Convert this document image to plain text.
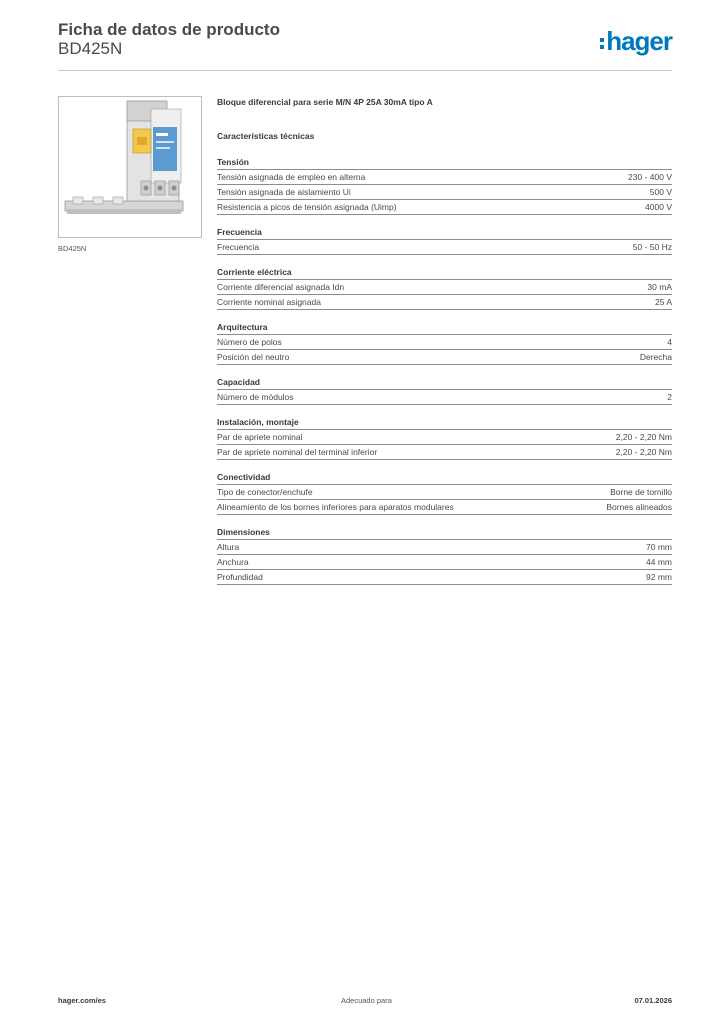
Ficha de datos de producto
BD425N	hager
BD425N
Bloque diferencial para serie M/N 4P 25A 30mA tipo A
Características técnicas
Tensión
Tensión asignada de empleo en alterna	230 - 400 V
Tensión asignada de aislamiento Ui	500 V
Resistencia a picos de tensión asignada (Uimp)	4000 V
Frecuencia
Frecuencia	50 - 50 Hz
Corriente eléctrica
Corriente diferencial asignada Idn	30 mA
Corriente nominal asignada	25 A
Arquitectura
Número de polos	4
Posición del neutro	Derecha
Capacidad
Número de módulos	2
Instalación, montaje
Par de apriete nominal	2,20 - 2,20 Nm
Par de apriete nominal del terminal inferior	2,20 - 2,20 Nm
Conectividad
Tipo de conector/enchufe	Borne de tornillo
Alineamiento de los bornes inferiores para aparatos modulares	Bornes alineados
Dimensiones
Altura	70 mm
Anchura	44 mm
Profundidad	92 mm
hager.com/es	Adecuado para	07.01.2026
